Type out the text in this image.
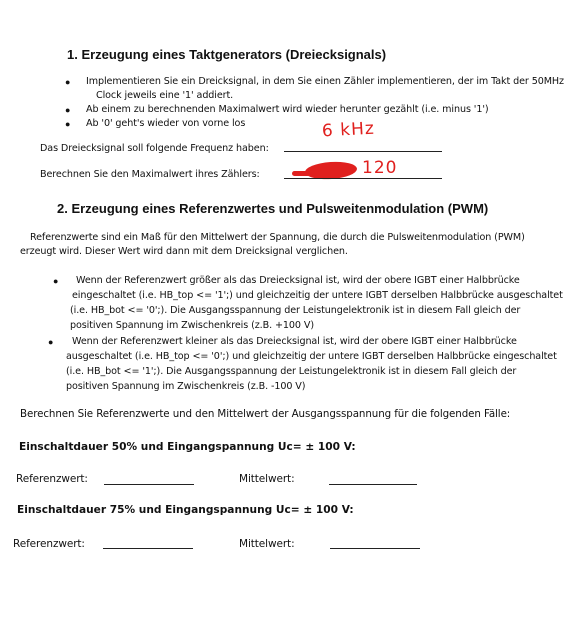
1. Erzeugung eines Taktgenerators (Dreiecksignals)
● Implementieren Sie ein Dreicksignal, in dem Sie einen Zähler implementieren, der im Takt der 50MHz
Clock jeweils eine '1' addiert.
● Ab einem zu berechnenden Maximalwert wird wieder herunter gezählt (i.e. minus '1')
● Ab '0' geht's wieder von vorne los
Das Dreiecksignal soll folgende Frequenz haben:
6 kHz
Berechnen Sie den Maximalwert ihres Zählers:	120
2. Erzeugung eines Referenzwertes und Pulsweitenmodulation (PWM)
Referenzwerte sind ein Maß für den Mittelwert der Spannung, die durch die Pulsweitenmodulation (PWM)
erzeugt wird. Dieser Wert wird dann mit dem Dreicksignal verglichen.
● Wenn der Referenzwert größer als das Dreiecksignal ist, wird der obere IGBT einer Halbbrücke
eingeschaltet (i.e. HB_top <= '1';) und gleichzeitig der untere IGBT derselben Halbbrücke ausgeschaltet
(i.e. HB_bot <= '0';). Die Ausgangsspannung der Leistungelektronik ist in diesem Fall gleich der
positiven Spannung im Zwischenkreis (z.B. +100 V)
● Wenn der Referenzwert kleiner als das Dreiecksignal ist, wird der obere IGBT einer Halbbrücke
ausgeschaltet (i.e. HB_top <= '0';) und gleichzeitig der untere IGBT derselben Halbbrücke eingeschaltet
(i.e. HB_bot <= '1';). Die Ausgangsspannung der Leistungelektronik ist in diesem Fall gleich der
positiven Spannung im Zwischenkreis (z.B. -100 V)
Berechnen Sie Referenzwerte und den Mittelwert der Ausgangsspannung für die folgenden Fälle:
Einschaltdauer 50% und Eingangspannung Uᴄ= ± 100 V:
Referenzwert:	Mittelwert:
Einschaltdauer 75% und Eingangspannung Uᴄ= ± 100 V:
Referenzwert:	Mittelwert:
